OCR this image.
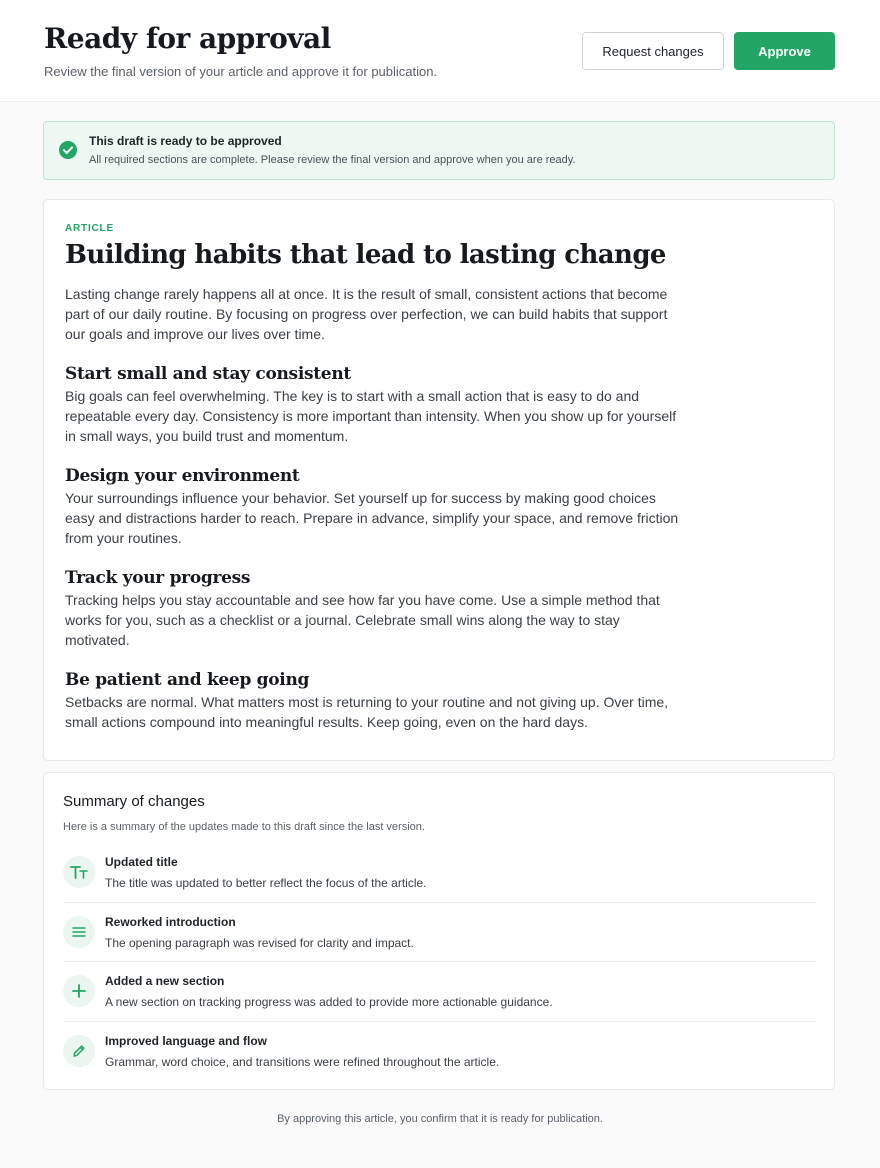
Ready for approval
Review the final version of your article and approve it for publication.
Request changes	Approve
This draft is ready to be approved
All required sections are complete. Please review the final version and approve when you are ready.
ARTICLE
Building habits that lead to lasting change

Lasting change rarely happens all at once. It is the result of small, consistent actions that become part of our daily routine. By focusing on progress over perfection, we can build habits that support our goals and improve our lives over time.

Start small and stay consistent

Big goals can feel overwhelming. The key is to start with a small action that is easy to do and repeatable every day. Consistency is more important than intensity. When you show up for yourself in small ways, you build trust and momentum.

Design your environment

Your surroundings influence your behavior. Set yourself up for success by making good choices easy and distractions harder to reach. Prepare in advance, simplify your space, and remove friction from your routines.

Track your progress

Tracking helps you stay accountable and see how far you have come. Use a simple method that works for you, such as a checklist or a journal. Celebrate small wins along the way to stay motivated.

Be patient and keep going

Setbacks are normal. What matters most is returning to your routine and not giving up. Over time, small actions compound into meaningful results. Keep going, even on the hard days.

Summary of changes
Here is a summary of the updates made to this draft since the last version.
Updated title
The title was updated to better reflect the focus of the article.
Reworked introduction
The opening paragraph was revised for clarity and impact.
Added a new section
A new section on tracking progress was added to provide more actionable guidance.
Improved language and flow
Grammar, word choice, and transitions were refined throughout the article.
By approving this article, you confirm that it is ready for publication.
